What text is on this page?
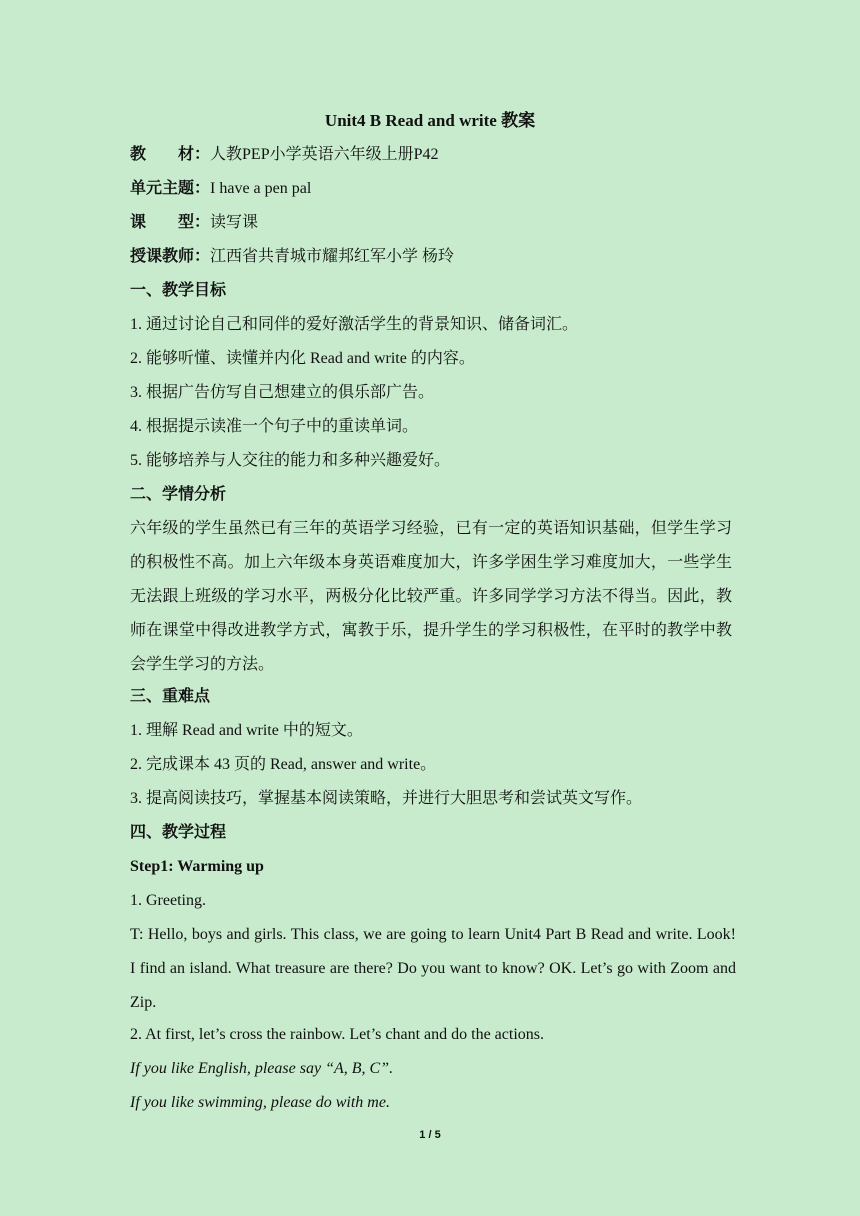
Unit4 B Read and write 教案
教　　材：人教PEP小学英语六年级上册P42
单元主题：I have a pen pal
课　　型：读写课
授课教师：江西省共青城市耀邦红军小学 杨玲
一、教学目标
1. 通过讨论自己和同伴的爱好激活学生的背景知识、储备词汇。
2. 能够听懂、读懂并内化 Read and write 的内容。
3. 根据广告仿写自己想建立的俱乐部广告。
4. 根据提示读准一个句子中的重读单词。
5. 能够培养与人交往的能力和多种兴趣爱好。
二、学情分析
六年级的学生虽然已有三年的英语学习经验，已有一定的英语知识基础，但学生学习的积极性不高。加上六年级本身英语难度加大，许多学困生学习难度加大，一些学生无法跟上班级的学习水平，两极分化比较严重。许多同学学习方法不得当。因此，教师在课堂中得改进教学方式，寓教于乐，提升学生的学习积极性，在平时的教学中教会学生学习的方法。
三、重难点
1. 理解 Read and write 中的短文。
2. 完成课本 43 页的 Read, answer and write。
3. 提高阅读技巧，掌握基本阅读策略，并进行大胆思考和尝试英文写作。
四、教学过程
Step1: Warming up
1. Greeting.
T: Hello, boys and girls. This class, we are going to learn Unit4 Part B Read and write. Look! I find an island. What treasure are there? Do you want to know? OK. Let’s go with Zoom and Zip.
2. At first, let’s cross the rainbow. Let’s chant and do the actions.
If you like English, please say “A, B, C”.
If you like swimming, please do with me.
1 / 5
